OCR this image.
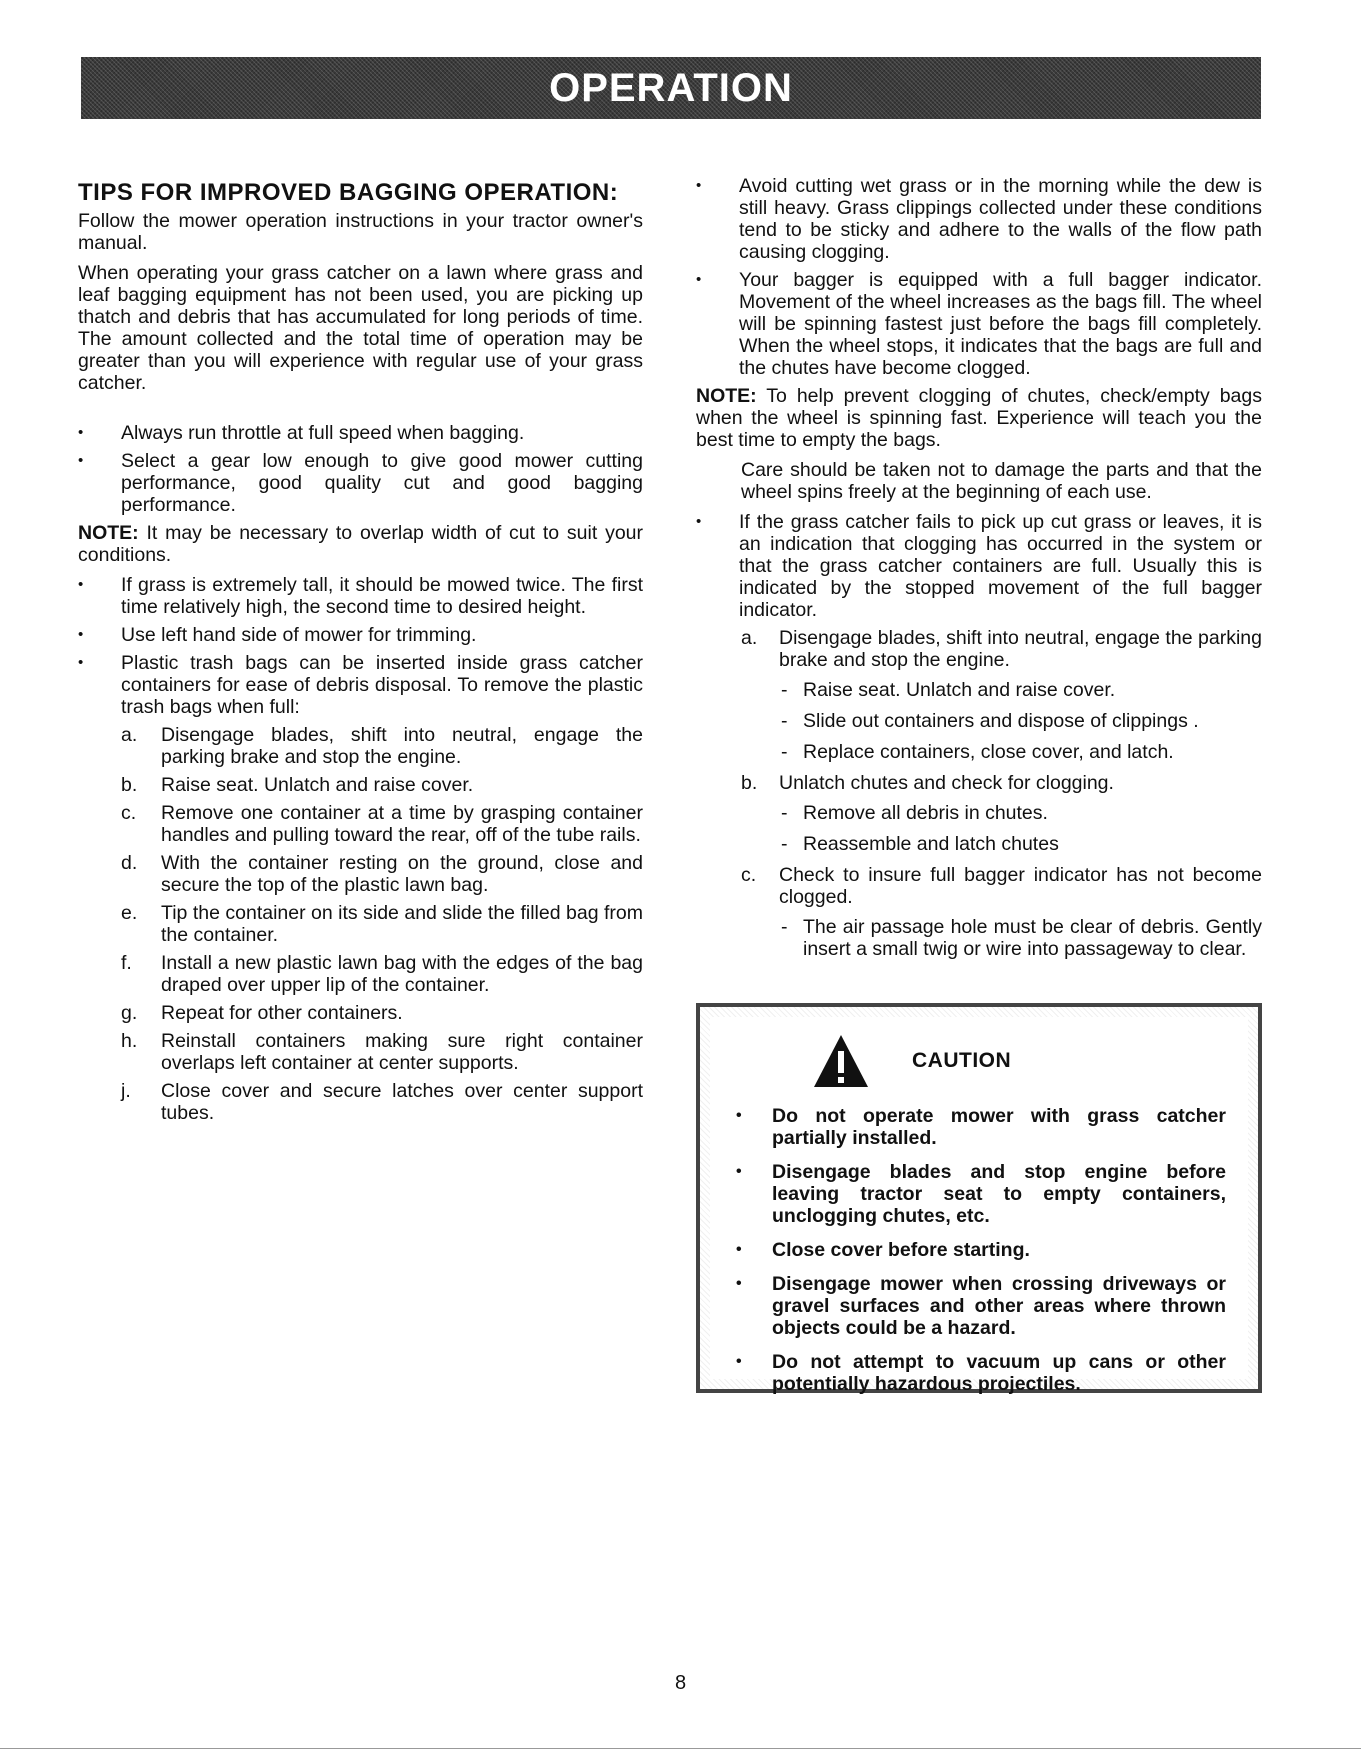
OPERATION
TIPS FOR IMPROVED BAGGING OPERATION:

Follow the mower operation instructions in your tractor owner's manual.

When operating your grass catcher on a lawn where grass and leaf bagging equipment has not been used, you are picking up thatch and debris that has accumulated for long periods of time. The amount collected and the total time of operation may be greater than you will experience with regular use of your grass catcher.

• Always run throttle at full speed when bagging.
• Select a gear low enough to give good mower cutting performance, good quality cut and good bagging performance.

NOTE: It may be necessary to overlap width of cut to suit your conditions.

• If grass is extremely tall, it should be mowed twice. The first time relatively high, the second time to desired height.
• Use left hand side of mower for trimming.
• Plastic trash bags can be inserted inside grass catcher containers for ease of debris disposal. To remove the plastic trash bags when full:
a. Disengage blades, shift into neutral, engage the parking brake and stop the engine.
b. Raise seat. Unlatch and raise cover.
c. Remove one container at a time by grasping container handles and pulling toward the rear, off of the tube rails.
d. With the container resting on the ground, close and secure the top of the plastic lawn bag.
e. Tip the container on its side and slide the filled bag from the container.
f. Install a new plastic lawn bag with the edges of the bag draped over upper lip of the container.
g. Repeat for other containers.
h. Reinstall containers making sure right container overlaps left container at center supports.
j. Close cover and secure latches over center support tubes.
• Avoid cutting wet grass or in the morning while the dew is still heavy. Grass clippings collected under these conditions tend to be sticky and adhere to the walls of the flow path causing clogging.
• Your bagger is equipped with a full bagger indicator. Movement of the wheel increases as the bags fill. The wheel will be spinning fastest just before the bags fill completely. When the wheel stops, it indicates that the bags are full and the chutes have become clogged.

NOTE: To help prevent clogging of chutes, check/empty bags when the wheel is spinning fast. Experience will teach you the best time to empty the bags.

Care should be taken not to damage the parts and that the wheel spins freely at the beginning of each use.

• If the grass catcher fails to pick up cut grass or leaves, it is an indication that clogging has occurred in the system or that the grass catcher containers are full. Usually this is indicated by the stopped movement of the full bagger indicator.
a. Disengage blades, shift into neutral, engage the parking brake and stop the engine.
- Raise seat. Unlatch and raise cover.
- Slide out containers and dispose of clippings .
- Replace containers, close cover, and latch.
b. Unlatch chutes and check for clogging.
- Remove all debris in chutes.
- Reassemble and latch chutes
c. Check to insure full bagger indicator has not become clogged.
- The air passage hole must be clear of debris. Gently insert a small twig or wire into passageway to clear.
CAUTION
• Do not operate mower with grass catcher partially installed.
• Disengage blades and stop engine before leaving tractor seat to empty containers, unclogging chutes, etc.
• Close cover before starting.
• Disengage mower when crossing driveways or gravel surfaces and other areas where thrown objects could be a hazard.
• Do not attempt to vacuum up cans or other potentially hazardous projectiles.
8
